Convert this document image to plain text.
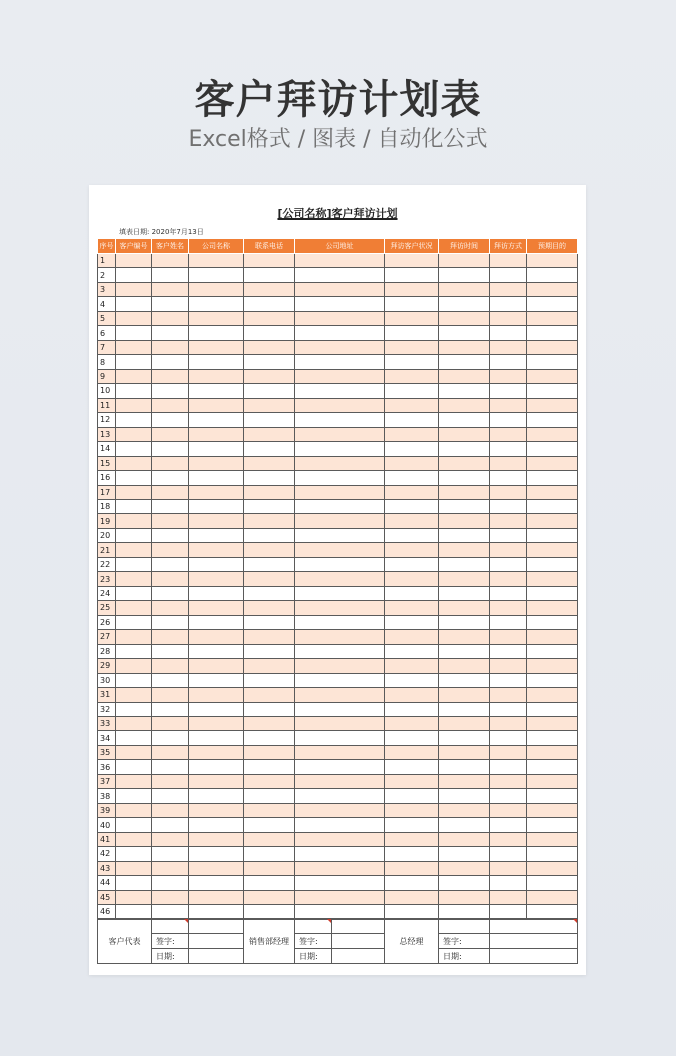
客户拜访计划表
Excel格式 / 图表 / 自动化公式
[公司名称]客户拜访计划
填表日期: 2020年7月13日
序号	客户编号	客户姓名	公司名称	联系电话	公司地址	拜访客户状况	拜访时间	拜访方式	预期目的
1									
2									
3									
4									
5									
6									
7									
8									
9									
10									
11									
12									
13									
14									
15									
16									
17									
18									
19									
20									
21									
22									
23									
24									
25									
26									
27									
28									
29									
30									
31									
32									
33									
34									
35									
36									
37									
38									
39									
40									
41									
42									
43									
44									
45									
46									
客户代表			销售部经理			总经理		
	签字:			签字:			签字:	
	日期:			日期:			日期:	
